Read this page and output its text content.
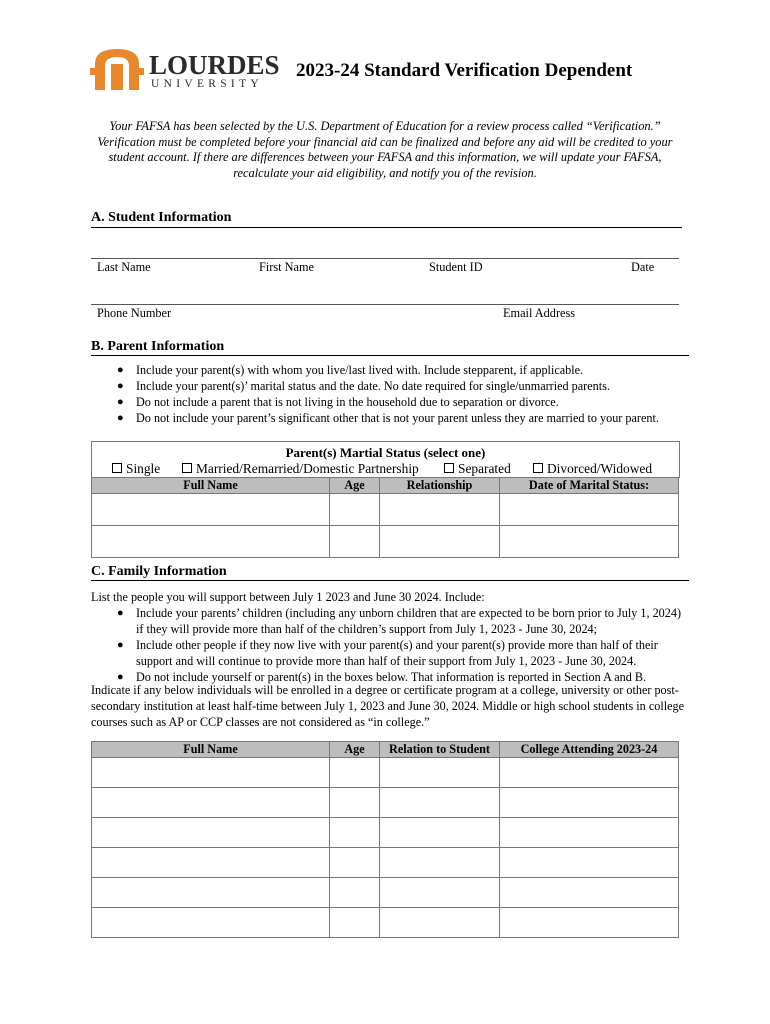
LOURDES
UNIVERSITY
2023-24 Standard Verification Dependent
Your FAFSA has been selected by the U.S. Department of Education for a review process called “Verification.” Verification must be completed before your financial aid can be finalized and before any aid will be credited to your student account. If there are differences between your FAFSA and this information, we will update your FAFSA, recalculate your aid eligibility, and notify you of the revision.
A. Student Information
Last Name	First Name	Student ID	Date
Phone Number	Email Address
B. Parent Information
● Include your parent(s) with whom you live/last lived with. Include stepparent, if applicable.
● Include your parent(s)’ marital status and the date. No date required for single/unmarried parents.
● Do not include a parent that is not living in the household due to separation or divorce.
● Do not include your parent’s significant other that is not your parent unless they are married to your parent.
Parent(s) Martial Status (select one)
Single	Married/Remarried/Domestic Partnership	Separated	Divorced/Widowed
Full Name	Age	Relationship	Date of Marital Status:

C. Family Information
List the people you will support between July 1 2023 and June 30 2024. Include:
● Include your parents’ children (including any unborn children that are expected to be born prior to July 1, 2024) if they will provide more than half of the children’s support from July 1, 2023 - June 30, 2024;
● Include other people if they now live with your parent(s) and your parent(s) provide more than half of their support and will continue to provide more than half of their support from July 1, 2023 - June 30, 2024.
● Do not include yourself or parent(s) in the boxes below. That information is reported in Section A and B.
Indicate if any below individuals will be enrolled in a degree or certificate program at a college, university or other post-secondary institution at least half-time between July 1, 2023 and June 30, 2024. Middle or high school students in college courses such as AP or CCP classes are not considered as “in college.”
Full Name	Age	Relation to Student	College Attending 2023-24
